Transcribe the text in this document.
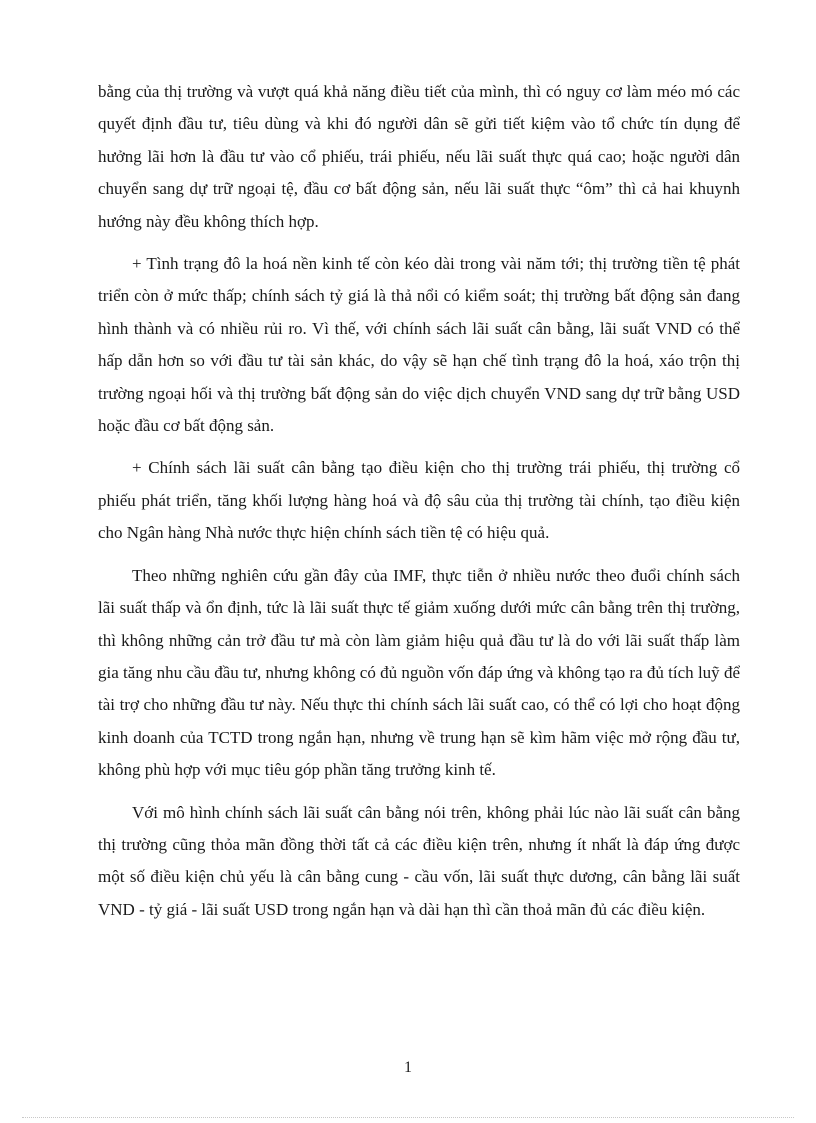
bằng của thị trường và vượt quá khả năng điều tiết của mình, thì có nguy cơ làm méo mó các quyết định đầu tư, tiêu dùng và khi đó người dân sẽ gửi tiết kiệm vào tổ chức tín dụng để hưởng lãi hơn là đầu tư vào cổ phiếu, trái phiếu, nếu lãi suất thực quá cao; hoặc người dân chuyển sang dự trữ ngoại tệ, đầu cơ bất động sản, nếu lãi suất thực “ôm” thì cả hai khuynh hướng này đều không thích hợp.

+ Tình trạng đô la hoá nền kinh tế còn kéo dài trong vài năm tới; thị trường tiền tệ phát triển còn ở mức thấp; chính sách tỷ giá là thả nổi có kiểm soát; thị trường bất động sản đang hình thành và có nhiều rủi ro. Vì thế, với chính sách lãi suất cân bằng, lãi suất VND có thể hấp dẫn hơn so với đầu tư tài sản khác, do vậy sẽ hạn chế tình trạng đô la hoá, xáo trộn thị trường ngoại hối và thị trường bất động sản do việc dịch chuyển VND sang dự trữ bằng USD hoặc đầu cơ bất động sản.

+ Chính sách lãi suất cân bằng tạo điều kiện cho thị trường trái phiếu, thị trường cổ phiếu phát triển, tăng khối lượng hàng hoá và độ sâu của thị trường tài chính, tạo điều kiện cho Ngân hàng Nhà nước thực hiện chính sách tiền tệ có hiệu quả.

Theo những nghiên cứu gần đây của IMF, thực tiễn ở nhiều nước theo đuổi chính sách lãi suất thấp và ổn định, tức là lãi suất thực tế giảm xuống dưới mức cân bằng trên thị trường, thì không những cản trở đầu tư mà còn làm giảm hiệu quả đầu tư là do với lãi suất thấp làm gia tăng nhu cầu đầu tư, nhưng không có đủ nguồn vốn đáp ứng và không tạo ra đủ tích luỹ để tài trợ cho những đầu tư này. Nếu thực thi chính sách lãi suất cao, có thể có lợi cho hoạt động kinh doanh của TCTD trong ngắn hạn, nhưng về trung hạn sẽ kìm hãm việc mở rộng đầu tư, không phù hợp với mục tiêu góp phần tăng trưởng kinh tế.

Với mô hình chính sách lãi suất cân bằng nói trên, không phải lúc nào lãi suất cân bằng thị trường cũng thỏa mãn đồng thời tất cả các điều kiện trên, nhưng ít nhất là đáp ứng được một số điều kiện chủ yếu là cân bằng cung - cầu vốn, lãi suất thực dương, cân bằng lãi suất VND - tỷ giá - lãi suất USD trong ngắn hạn và dài hạn thì cần thoả mãn đủ các điều kiện.

1
